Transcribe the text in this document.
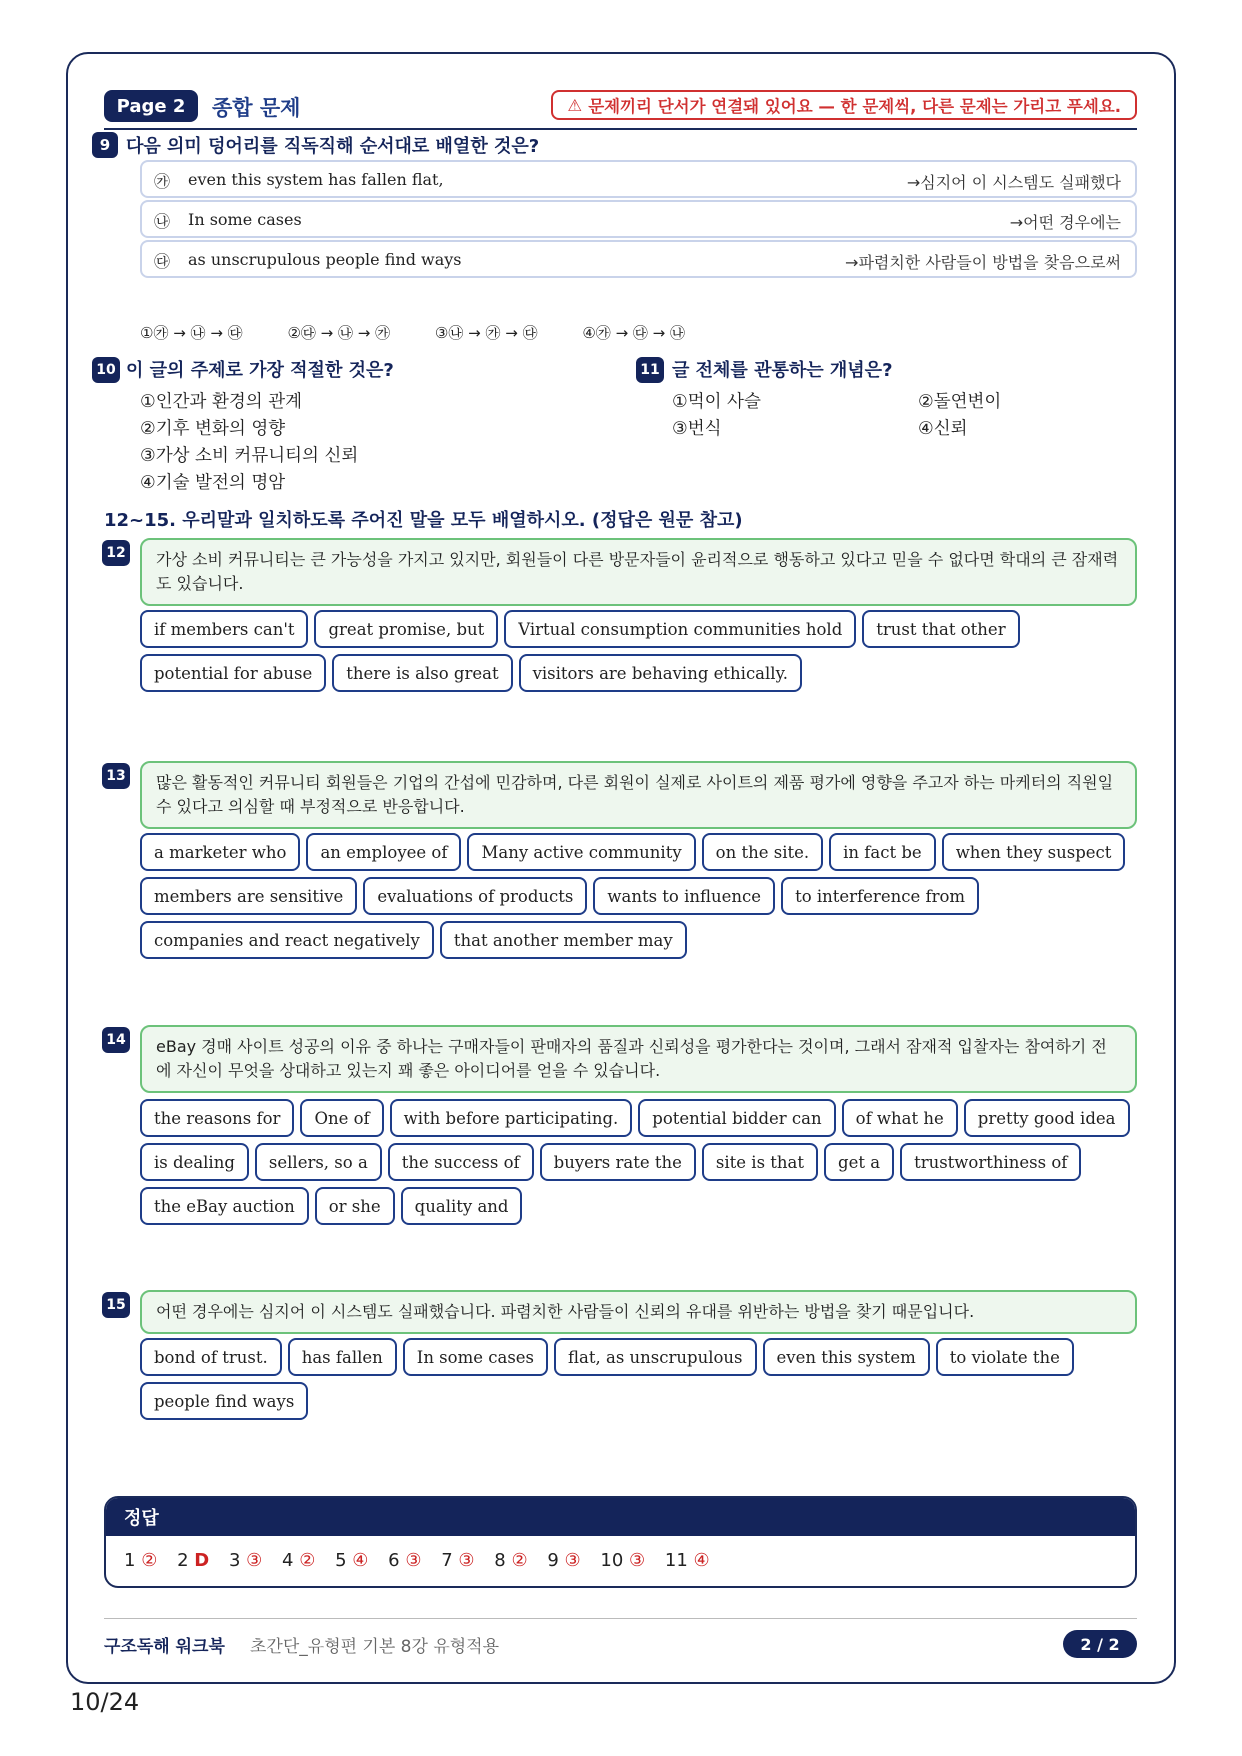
Page 2	종합 문제	⚠ 문제끼리 단서가 연결돼 있어요 — 한 문제씩, 다른 문제는 가리고 푸세요.
9 다음 의미 덩어리를 직독직해 순서대로 배열한 것은?
㉮ even this system has fallen flat,	→심지어 이 시스템도 실패했다
㉯ In some cases	→어떤 경우에는
㉰ as unscrupulous people find ways	→파렴치한 사람들이 방법을 찾음으로써
①㉮ → ㉯ → ㉰	②㉰ → ㉯ → ㉮	③㉯ → ㉮ → ㉰	④㉮ → ㉰ → ㉯
10 이 글의 주제로 가장 적절한 것은?
①인간과 환경의 관계
②기후 변화의 영향
③가상 소비 커뮤니티의 신뢰
④기술 발전의 명암
11 글 전체를 관통하는 개념은?
①먹이 사슬	②돌연변이
③번식	④신뢰
12~15. 우리말과 일치하도록 주어진 말을 모두 배열하시오. (정답은 원문 참고)
12	가상 소비 커뮤니티는 큰 가능성을 가지고 있지만, 회원들이 다른 방문자들이 윤리적으로 행동하고 있다고 믿을 수 없다면 학대의 큰 잠재력도 있습니다.
if members can't	great promise, but	Virtual consumption communities hold	trust that other
potential for abuse	there is also great	visitors are behaving ethically.
13	많은 활동적인 커뮤니티 회원들은 기업의 간섭에 민감하며, 다른 회원이 실제로 사이트의 제품 평가에 영향을 주고자 하는 마케터의 직원일 수 있다고 의심할 때 부정적으로 반응합니다.
a marketer who	an employee of	Many active community	on the site.	in fact be	when they suspect
members are sensitive	evaluations of products	wants to influence	to interference from
companies and react negatively	that another member may
14	eBay 경매 사이트 성공의 이유 중 하나는 구매자들이 판매자의 품질과 신뢰성을 평가한다는 것이며, 그래서 잠재적 입찰자는 참여하기 전에 자신이 무엇을 상대하고 있는지 꽤 좋은 아이디어를 얻을 수 있습니다.
the reasons for	One of	with before participating.	potential bidder can	of what he	pretty good idea
is dealing	sellers, so a	the success of	buyers rate the	site is that	get a	trustworthiness of
the eBay auction	or she	quality and
15	어떤 경우에는 심지어 이 시스템도 실패했습니다. 파렴치한 사람들이 신뢰의 유대를 위반하는 방법을 찾기 때문입니다.
bond of trust.	has fallen	In some cases	flat, as unscrupulous	even this system	to violate the
people find ways
정답
1 ② 2 D 3 ③ 4 ② 5 ④ 6 ③ 7 ③ 8 ② 9 ③ 10 ③ 11 ④
구조독해 워크북 초간단_유형편 기본 8강 유형적용	2 / 2
10/24
